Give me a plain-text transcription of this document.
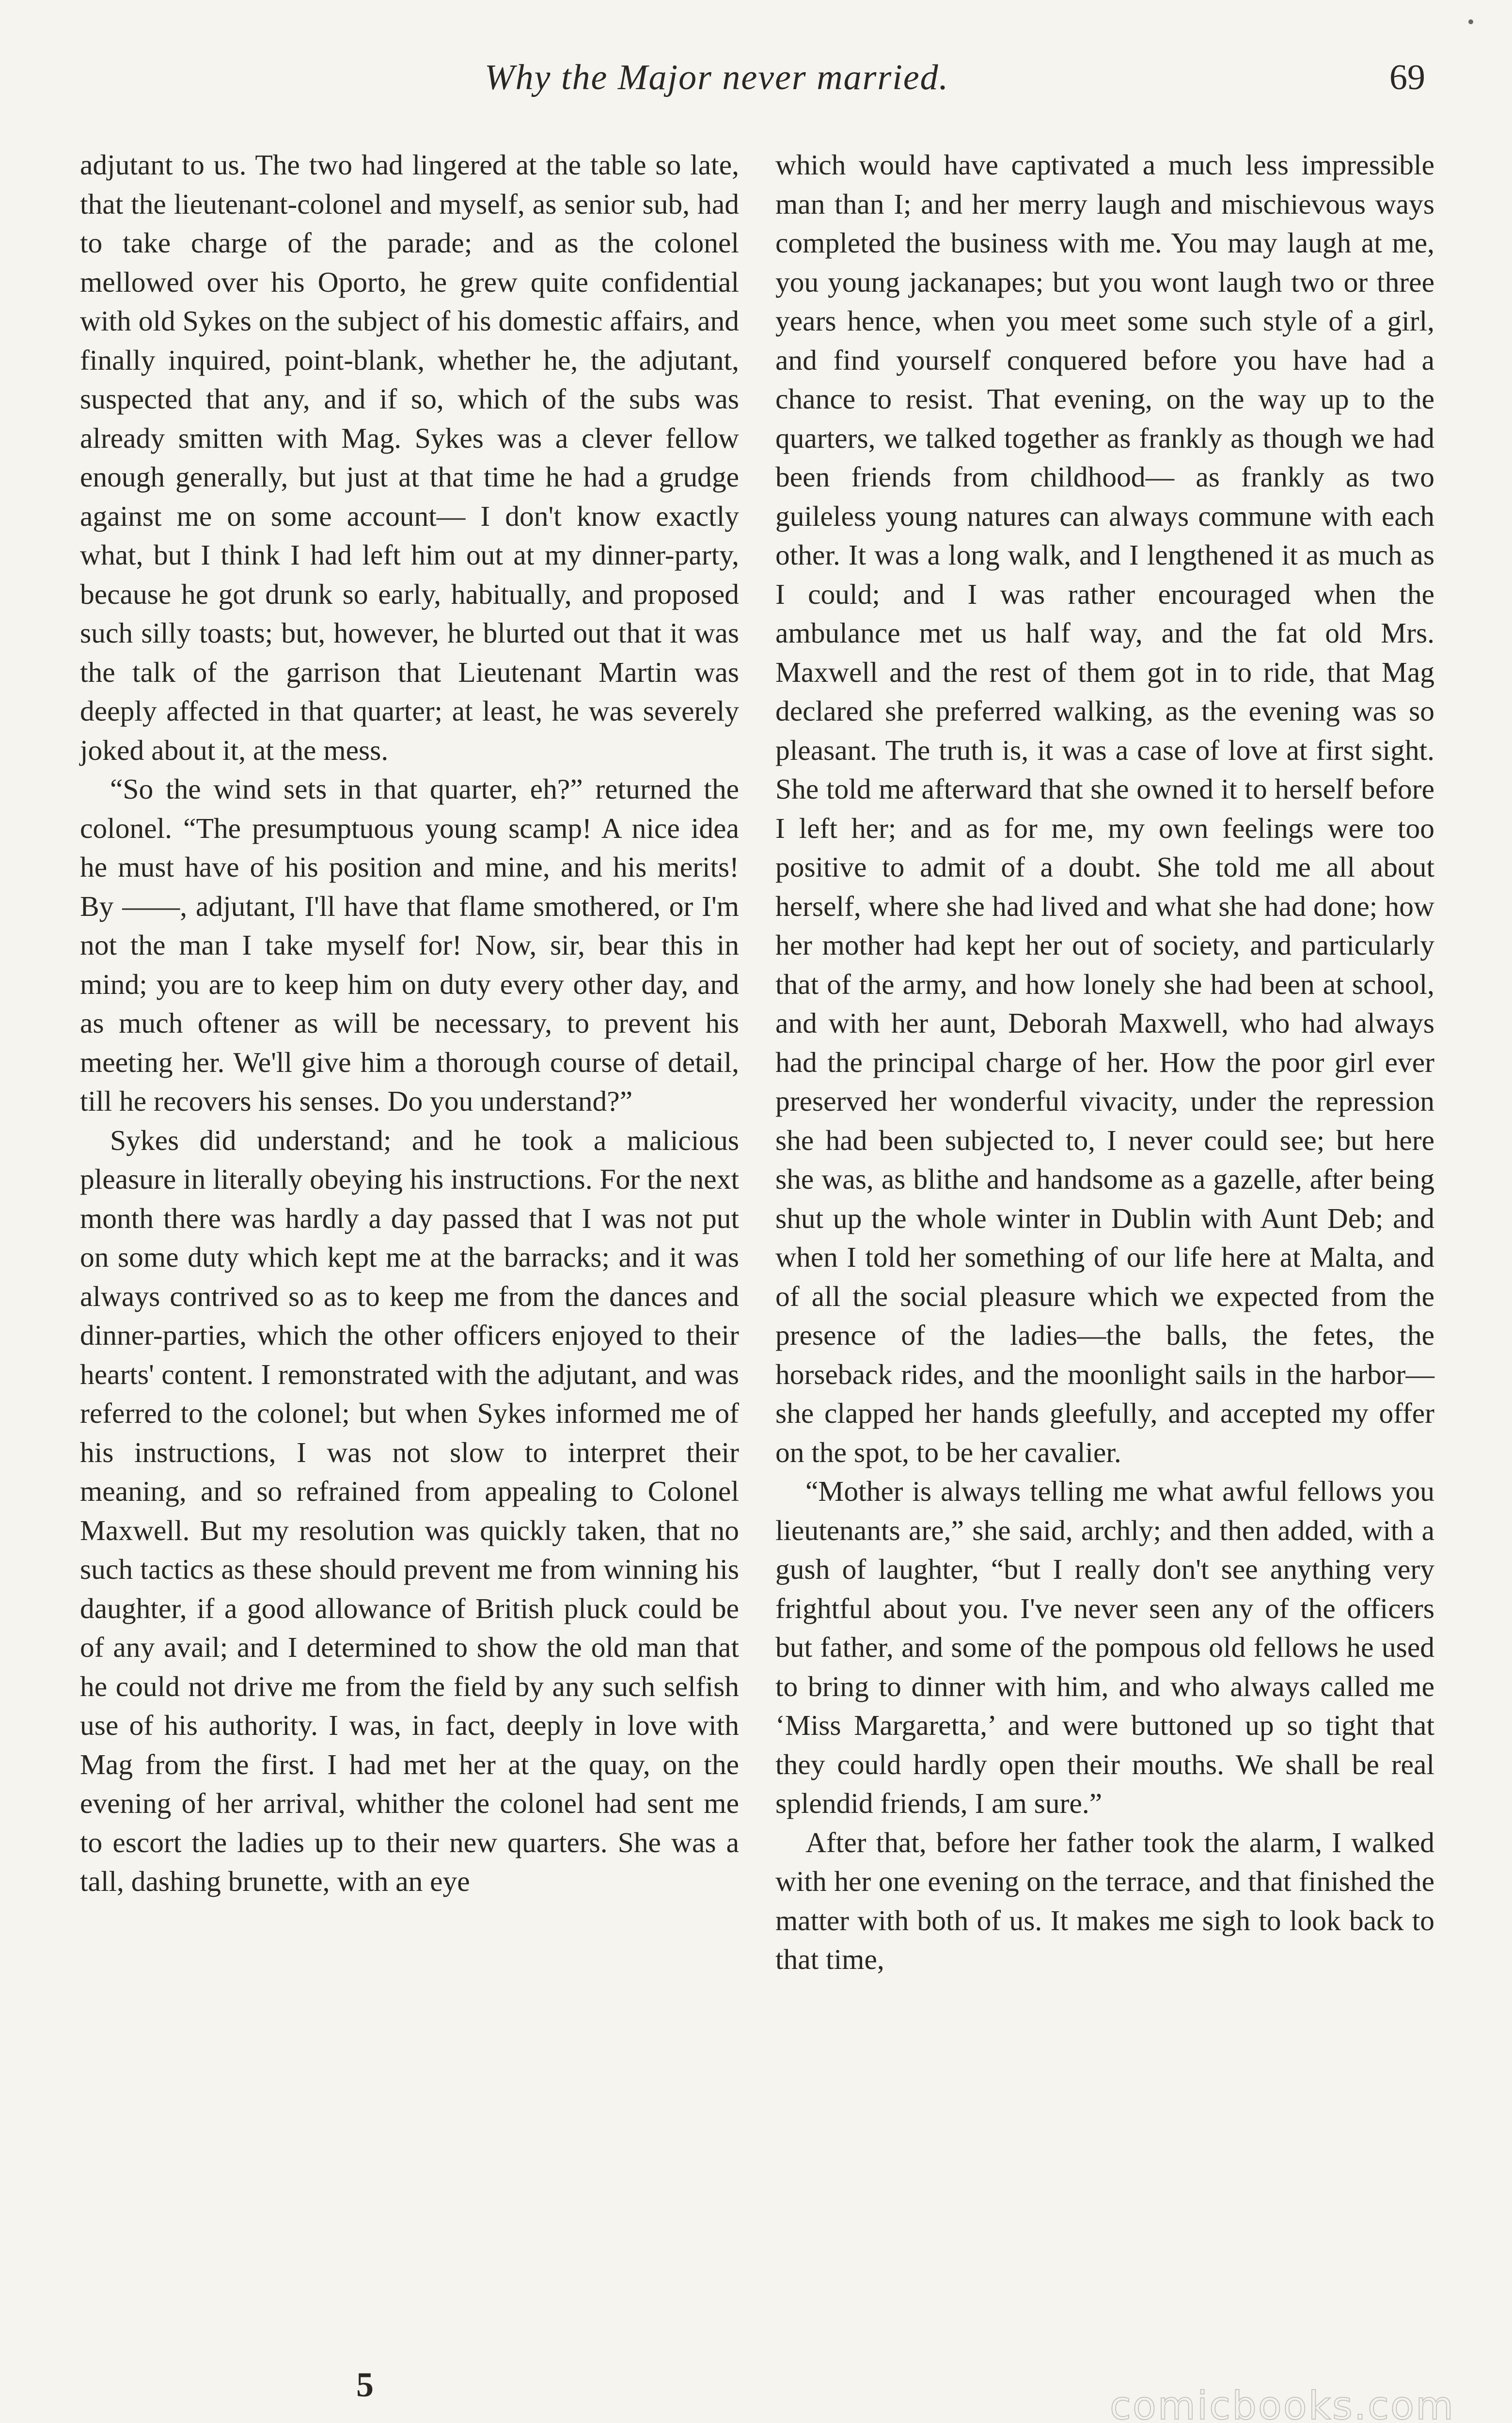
Why the Major never married.	69

adjutant to us. The two had lingered at the table so late, that the lieutenant-colonel and myself, as senior sub, had to take charge of the parade; and as the colonel mellowed over his Oporto, he grew quite confidential with old Sykes on the subject of his domestic affairs, and finally inquired, point-blank, whether he, the adjutant, suspected that any, and if so, which of the subs was already smitten with Mag. Sykes was a clever fellow enough generally, but just at that time he had a grudge against me on some account— I don't know exactly what, but I think I had left him out at my dinner-party, because he got drunk so early, habitually, and proposed such silly toasts; but, however, he blurted out that it was the talk of the garrison that Lieutenant Martin was deeply affected in that quarter; at least, he was severely joked about it, at the mess.

“So the wind sets in that quarter, eh?” returned the colonel. “The presumptuous young scamp! A nice idea he must have of his position and mine, and his merits! By ——, adjutant, I'll have that flame smothered, or I'm not the man I take myself for! Now, sir, bear this in mind; you are to keep him on duty every other day, and as much oftener as will be necessary, to prevent his meeting her. We'll give him a thorough course of detail, till he recovers his senses. Do you understand?”

Sykes did understand; and he took a malicious pleasure in literally obeying his instructions. For the next month there was hardly a day passed that I was not put on some duty which kept me at the barracks; and it was always contrived so as to keep me from the dances and dinner-parties, which the other officers enjoyed to their hearts' content. I remonstrated with the adjutant, and was referred to the colonel; but when Sykes informed me of his instructions, I was not slow to interpret their meaning, and so refrained from appealing to Colonel Maxwell. But my resolution was quickly taken, that no such tactics as these should prevent me from winning his daughter, if a good allowance of British pluck could be of any avail; and I determined to show the old man that he could not drive me from the field by any such selfish use of his authority. I was, in fact, deeply in love with Mag from the first. I had met her at the quay, on the evening of her arrival, whither the colonel had sent me to escort the ladies up to their new quarters. She was a tall, dashing brunette, with an eye

which would have captivated a much less impressible man than I; and her merry laugh and mischievous ways completed the business with me. You may laugh at me, you young jackanapes; but you wont laugh two or three years hence, when you meet some such style of a girl, and find yourself conquered before you have had a chance to resist. That evening, on the way up to the quarters, we talked together as frankly as though we had been friends from childhood— as frankly as two guileless young natures can always commune with each other. It was a long walk, and I lengthened it as much as I could; and I was rather encouraged when the ambulance met us half way, and the fat old Mrs. Maxwell and the rest of them got in to ride, that Mag declared she preferred walking, as the evening was so pleasant. The truth is, it was a case of love at first sight. She told me afterward that she owned it to herself before I left her; and as for me, my own feelings were too positive to admit of a doubt. She told me all about herself, where she had lived and what she had done; how her mother had kept her out of society, and particularly that of the army, and how lonely she had been at school, and with her aunt, Deborah Maxwell, who had always had the principal charge of her. How the poor girl ever preserved her wonderful vivacity, under the repression she had been subjected to, I never could see; but here she was, as blithe and handsome as a gazelle, after being shut up the whole winter in Dublin with Aunt Deb; and when I told her something of our life here at Malta, and of all the social pleasure which we expected from the presence of the ladies—the balls, the fetes, the horseback rides, and the moonlight sails in the harbor— she clapped her hands gleefully, and accepted my offer on the spot, to be her cavalier.

“Mother is always telling me what awful fellows you lieutenants are,” she said, archly; and then added, with a gush of laughter, “but I really don't see anything very frightful about you. I've never seen any of the officers but father, and some of the pompous old fellows he used to bring to dinner with him, and who always called me ‘Miss Margaretta,’ and were buttoned up so tight that they could hardly open their mouths. We shall be real splendid friends, I am sure.”

After that, before her father took the alarm, I walked with her one evening on the terrace, and that finished the matter with both of us. It makes me sigh to look back to that time,

5	comicbooks.com
